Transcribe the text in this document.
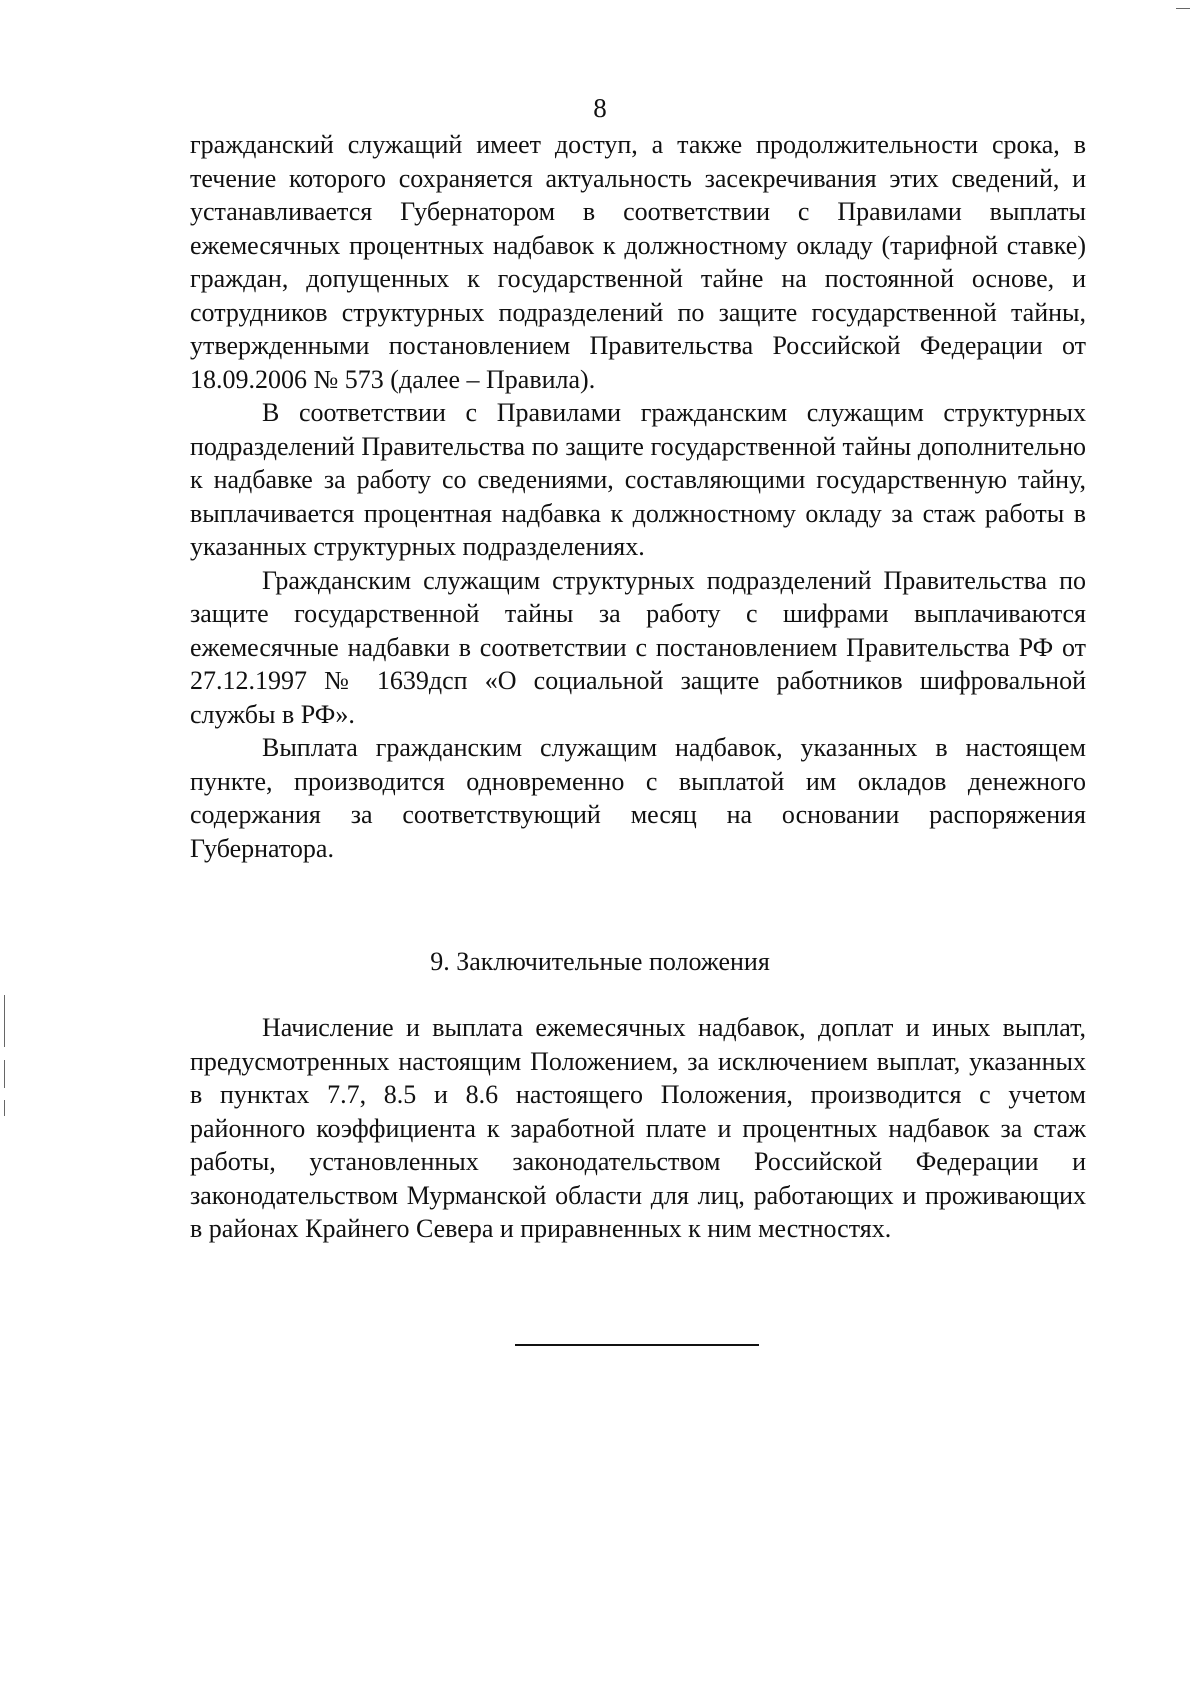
8

гражданский служащий имеет доступ, а также продолжительности срока, в течение которого сохраняется актуальность засекречивания этих сведений, и устанавливается Губернатором в соответствии с Правилами выплаты ежемесячных процентных надбавок к должностному окладу (тарифной ставке) граждан, допущенных к государственной тайне на постоянной основе, и сотрудников структурных подразделений по защите государственной тайны, утвержденными постановлением Правительства Российской Федерации от 18.09.2006 № 573 (далее – Правила).

В соответствии с Правилами гражданским служащим структурных подразделений Правительства по защите государственной тайны дополнительно к надбавке за работу со сведениями, составляющими государственную тайну, выплачивается процентная надбавка к должностному окладу за стаж работы в указанных структурных подразделениях.

Гражданским служащим структурных подразделений Правительства по защите государственной тайны за работу с шифрами выплачиваются ежемесячные надбавки в соответствии с постановлением Правительства РФ от 27.12.1997 № 1639дсп «О социальной защите работников шифровальной службы в РФ».

Выплата гражданским служащим надбавок, указанных в настоящем пункте, производится одновременно с выплатой им окладов денежного содержания за соответствующий месяц на основании распоряжения Губернатора.

9. Заключительные положения

Начисление и выплата ежемесячных надбавок, доплат и иных выплат, предусмотренных настоящим Положением, за исключением выплат, указанных в пунктах 7.7, 8.5 и 8.6 настоящего Положения, производится с учетом районного коэффициента к заработной плате и процентных надбавок за стаж работы, установленных законодательством Российской Федерации и законодательством Мурманской области для лиц, работающих и проживающих в районах Крайнего Севера и приравненных к ним местностях.
